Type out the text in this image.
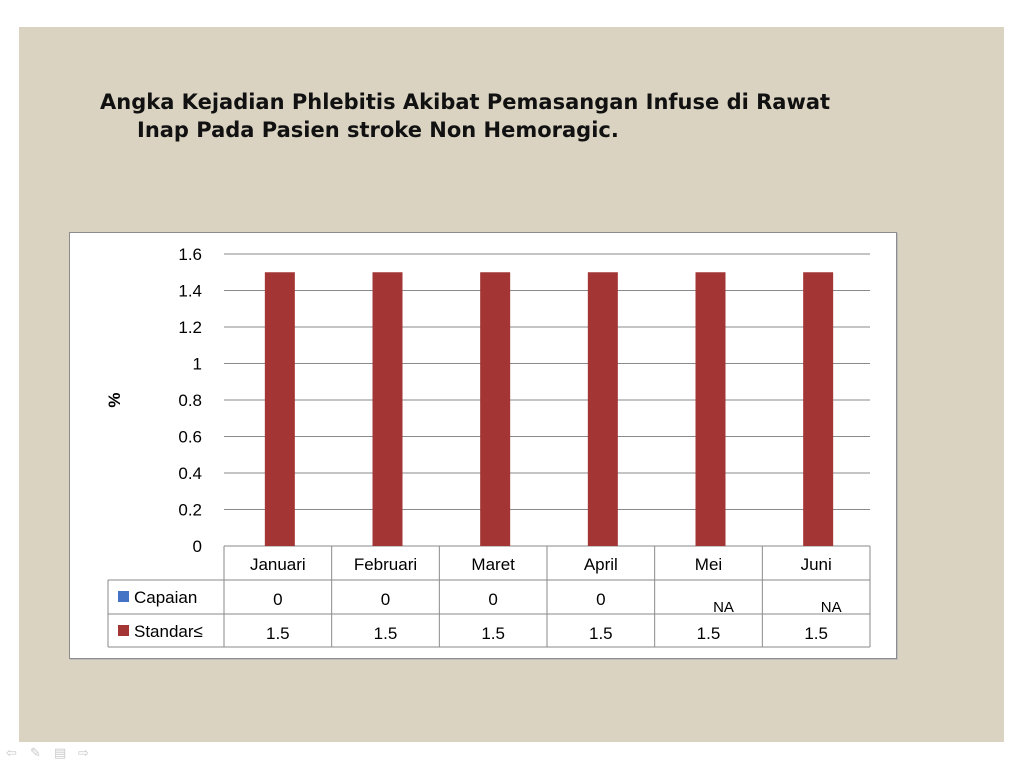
Angka Kejadian Phlebitis Akibat Pemasangan Infuse di Rawat
Inap Pada Pasien stroke Non Hemoragic.
1.6
1.4
1.2
1
0.8
0.6
0.4
0.2
0
%
Januari	Februari	Maret	April	Mei	Juni
Capaian	0	0	0	0	NA	NA
Standar≤	1.5	1.5	1.5	1.5	1.5	1.5
⇦ ✎ ▤ ⇨
